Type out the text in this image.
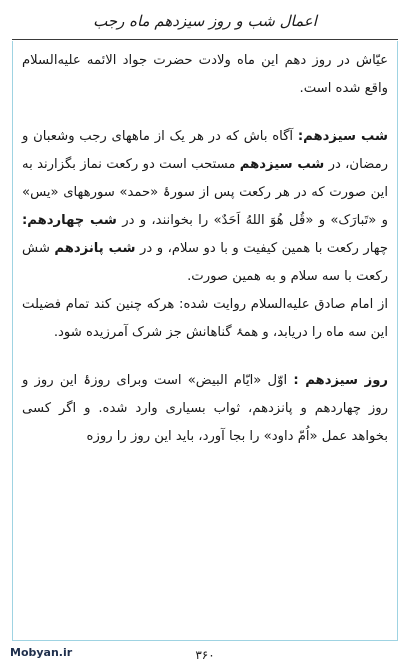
اعمال شب و روز سیزدهم ماه رجب

عیّاش در روز دهم این ماه ولادت حضرت جواد الائمه علیه‌السلام واقع شده است.

شب سیزدهم: آگاه باش که در هر یک از ماههای رجب وشعبان و رمضان، در شب سیزدهم مستحب است دو رکعت نماز بگزارند به این صورت که در هر رکعت پس از سورۂ «حمد» سورههای «یس» و «تَبارَک» و «قُل هُوَ اللهُ اَحَدٌ» را بخوانند، و در شب چهاردهم: چهار رکعت با همین کیفیت و با دو سلام، و در شب پانزدهم شش رکعت با سه سلام و به همین صورت.

از امام صادق علیه‌السلام روایت شده: هرکه چنین کند تمام فضیلت این سه ماه را دریابد، و همۂ گناهانش جز شرک آمرزیده شود.

روز سیزدهم : اوّل «ایّام البیض» است وبرای روزۂ این روز و روز چهاردهم و پانزدهم، ثواب بسیاری وارد شده. و اگر کسی بخواهد عمل «اُمّ داود» را بجا آورد، باید این روز را روزه

Mobyan.ir	۳۶۰
